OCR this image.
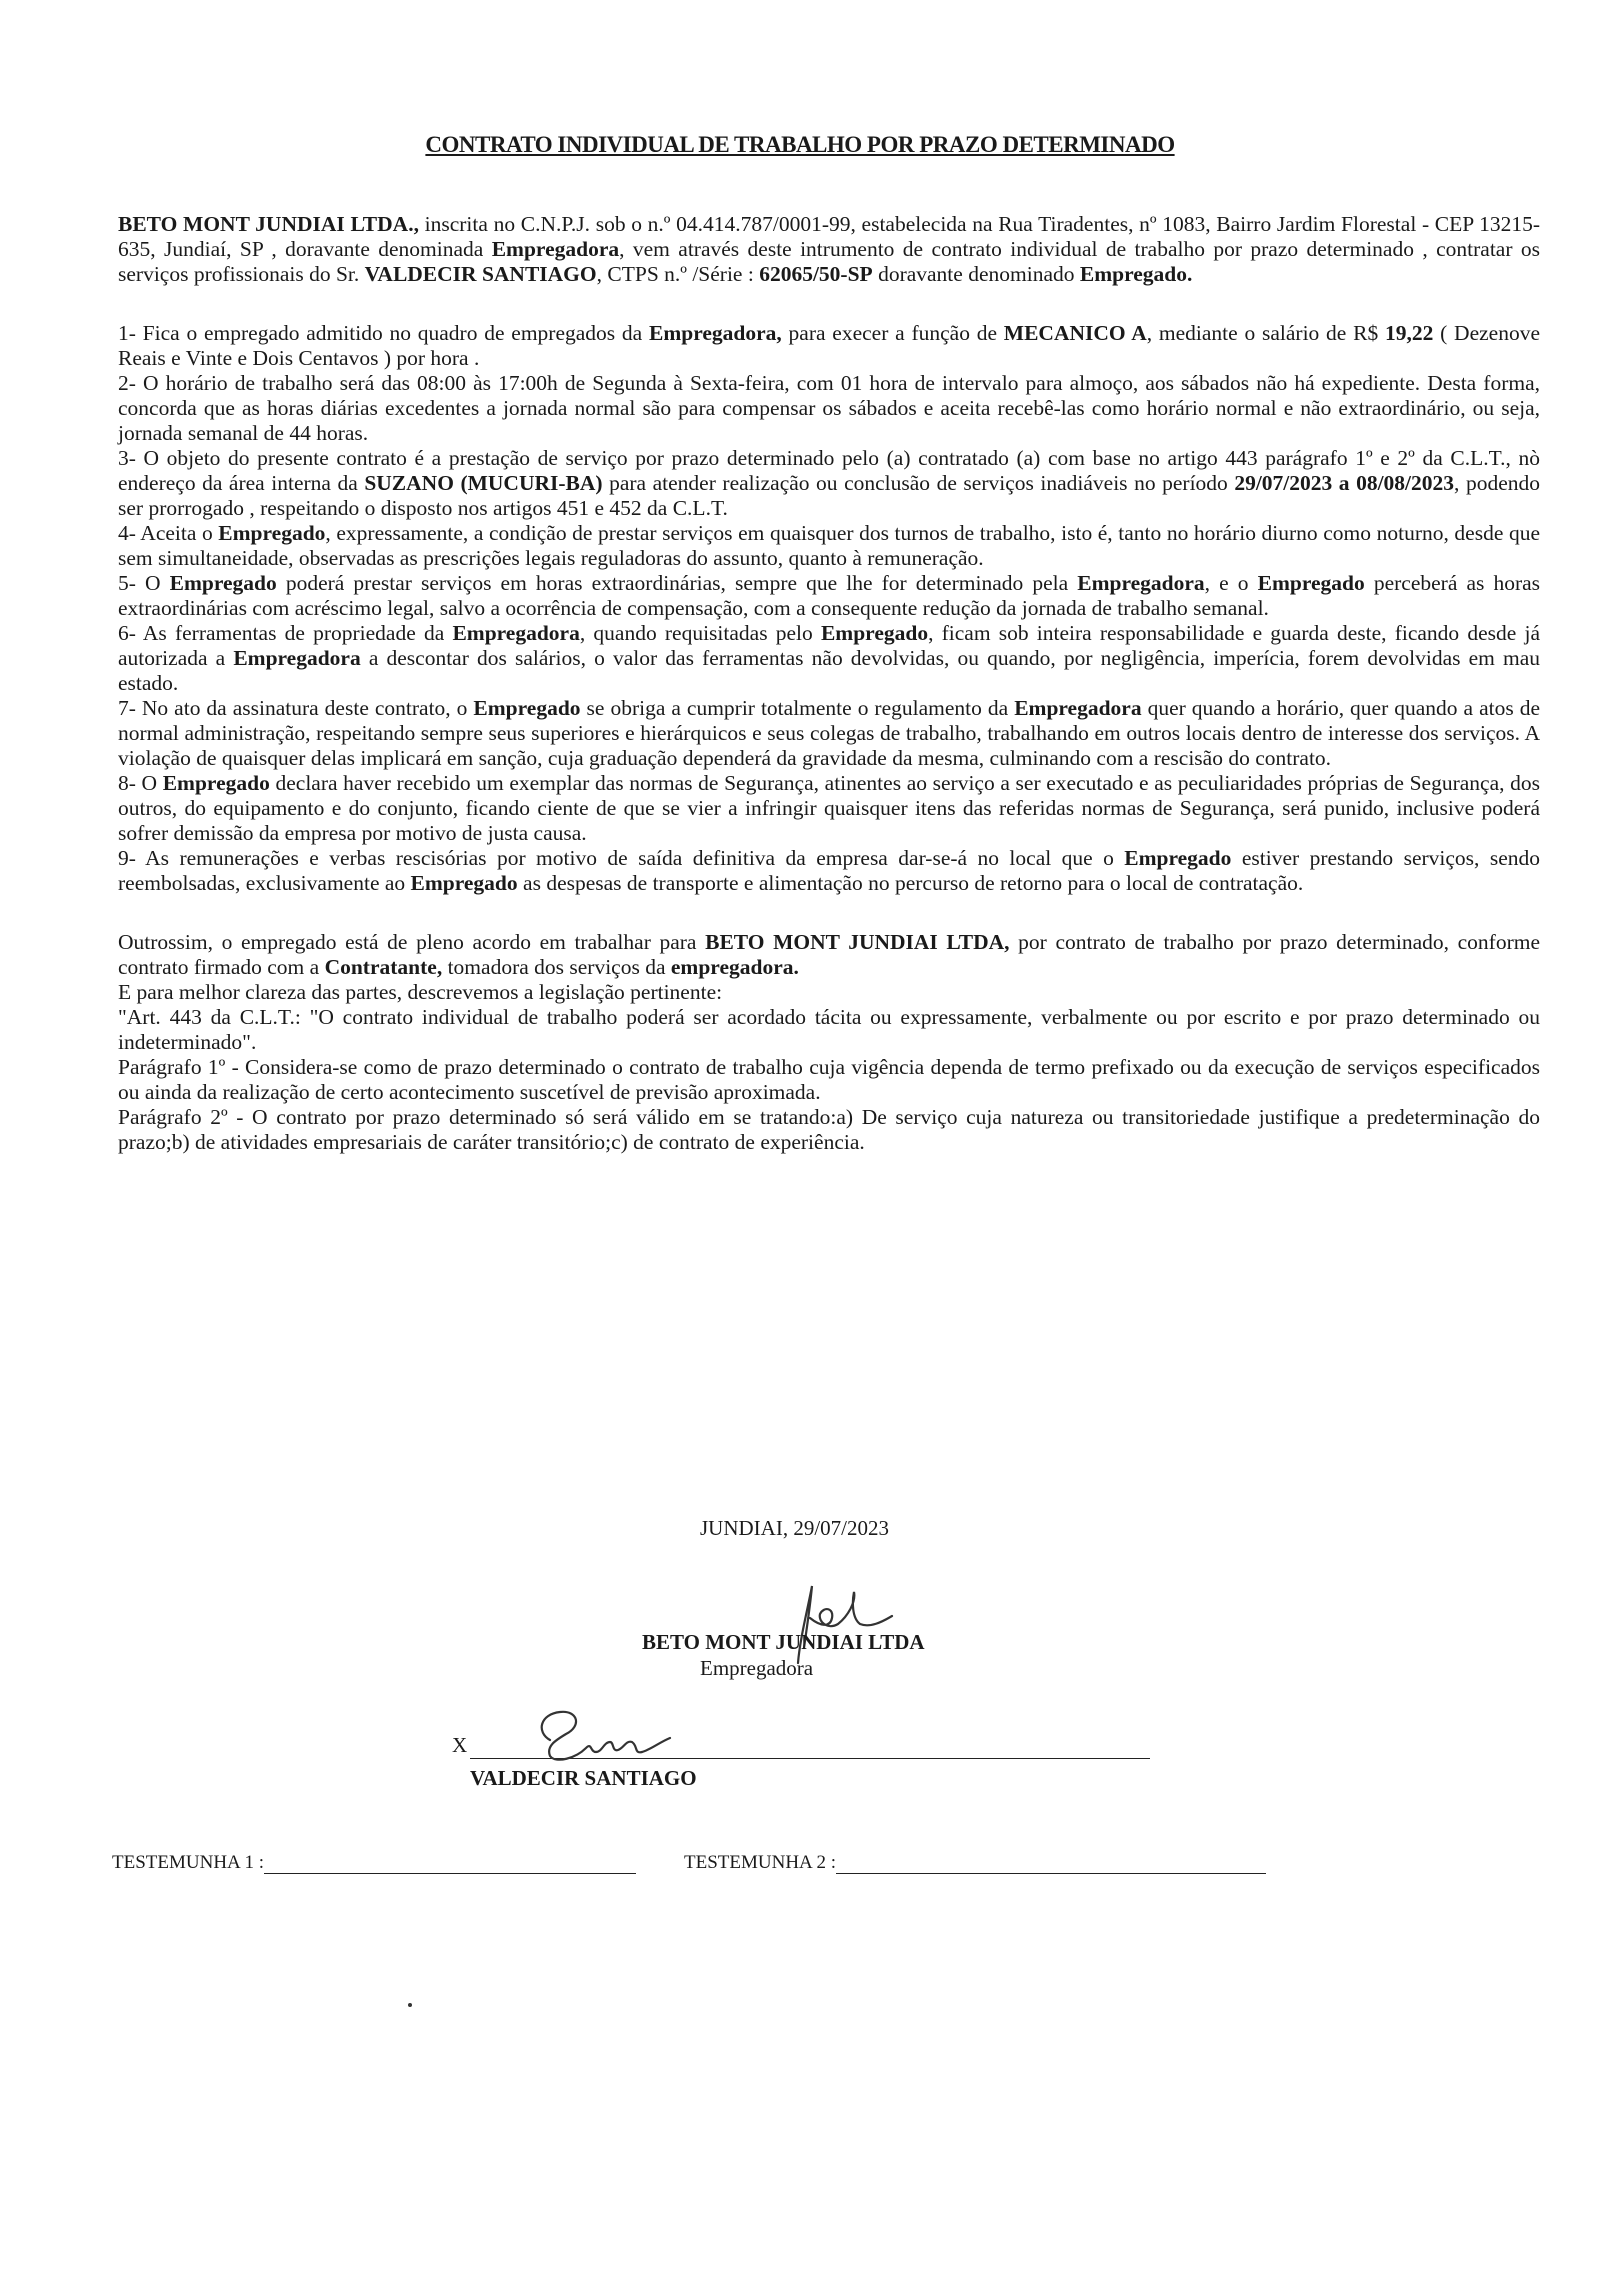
CONTRATO INDIVIDUAL DE TRABALHO POR PRAZO DETERMINADO

BETO MONT JUNDIAI LTDA., inscrita no C.N.P.J. sob o n.º 04.414.787/0001-99, estabelecida na Rua Tiradentes, nº 1083, Bairro Jardim Florestal - CEP 13215-635, Jundiaí, SP , doravante denominada Empregadora, vem através deste intrumento de contrato individual de trabalho por prazo determinado , contratar os serviços profissionais do Sr. VALDECIR SANTIAGO, CTPS n.º /Série : 62065/50-SP doravante denominado Empregado.

1- Fica o empregado admitido no quadro de empregados da Empregadora, para execer a função de MECANICO A, mediante o salário de R$ 19,22 ( Dezenove Reais e Vinte e Dois Centavos ) por hora .

2- O horário de trabalho será das 08:00 às 17:00h de Segunda à Sexta-feira, com 01 hora de intervalo para almoço, aos sábados não há expediente. Desta forma, concorda que as horas diárias excedentes a jornada normal são para compensar os sábados e aceita recebê-las como horário normal e não extraordinário, ou seja, jornada semanal de 44 horas.

3- O objeto do presente contrato é a prestação de serviço por prazo determinado pelo (a) contratado (a) com base no artigo 443 parágrafo 1º e 2º da C.L.T., nò endereço da área interna da SUZANO (MUCURI-BA) para atender realização ou conclusão de serviços inadiáveis no período 29/07/2023 a 08/08/2023, podendo ser prorrogado , respeitando o disposto nos artigos 451 e 452 da C.L.T.

4- Aceita o Empregado, expressamente, a condição de prestar serviços em quaisquer dos turnos de trabalho, isto é, tanto no horário diurno como noturno, desde que sem simultaneidade, observadas as prescrições legais reguladoras do assunto, quanto à remuneração.

5- O Empregado poderá prestar serviços em horas extraordinárias, sempre que lhe for determinado pela Empregadora, e o Empregado perceberá as horas extraordinárias com acréscimo legal, salvo a ocorrência de compensação, com a consequente redução da jornada de trabalho semanal.

6- As ferramentas de propriedade da Empregadora, quando requisitadas pelo Empregado, ficam sob inteira responsabilidade e guarda deste, ficando desde já autorizada a Empregadora a descontar dos salários, o valor das ferramentas não devolvidas, ou quando, por negligência, imperícia, forem devolvidas em mau estado.

7- No ato da assinatura deste contrato, o Empregado se obriga a cumprir totalmente o regulamento da Empregadora quer quando a horário, quer quando a atos de normal administração, respeitando sempre seus superiores e hierárquicos e seus colegas de trabalho, trabalhando em outros locais dentro de interesse dos serviços. A violação de quaisquer delas implicará em sanção, cuja graduação dependerá da gravidade da mesma, culminando com a rescisão do contrato.

8- O Empregado declara haver recebido um exemplar das normas de Segurança, atinentes ao serviço a ser executado e as peculiaridades próprias de Segurança, dos outros, do equipamento e do conjunto, ficando ciente de que se vier a infringir quaisquer itens das referidas normas de Segurança, será punido, inclusive poderá sofrer demissão da empresa por motivo de justa causa.

9- As remunerações e verbas rescisórias por motivo de saída definitiva da empresa dar-se-á no local que o Empregado estiver prestando serviços, sendo reembolsadas, exclusivamente ao Empregado as despesas de transporte e alimentação no percurso de retorno para o local de contratação.

Outrossim, o empregado está de pleno acordo em trabalhar para BETO MONT JUNDIAI LTDA, por contrato de trabalho por prazo determinado, conforme contrato firmado com a Contratante, tomadora dos serviços da empregadora.

E para melhor clareza das partes, descrevemos a legislação pertinente:

"Art. 443 da C.L.T.: "O contrato individual de trabalho poderá ser acordado tácita ou expressamente, verbalmente ou por escrito e por prazo determinado ou indeterminado".

Parágrafo 1º - Considera-se como de prazo determinado o contrato de trabalho cuja vigência dependa de termo prefixado ou da execução de serviços especificados ou ainda da realização de certo acontecimento suscetível de previsão aproximada.

Parágrafo 2º - O contrato por prazo determinado só será válido em se tratando:a) De serviço cuja natureza ou transitoriedade justifique a predeterminação do prazo;b) de atividades empresariais de caráter transitório;c) de contrato de experiência.

JUNDIAI, 29/07/2023
BETO MONT JUNDIAI LTDA
Empregadora
X
VALDECIR SANTIAGO
TESTEMUNHA 1 :	TESTEMUNHA 2 :
